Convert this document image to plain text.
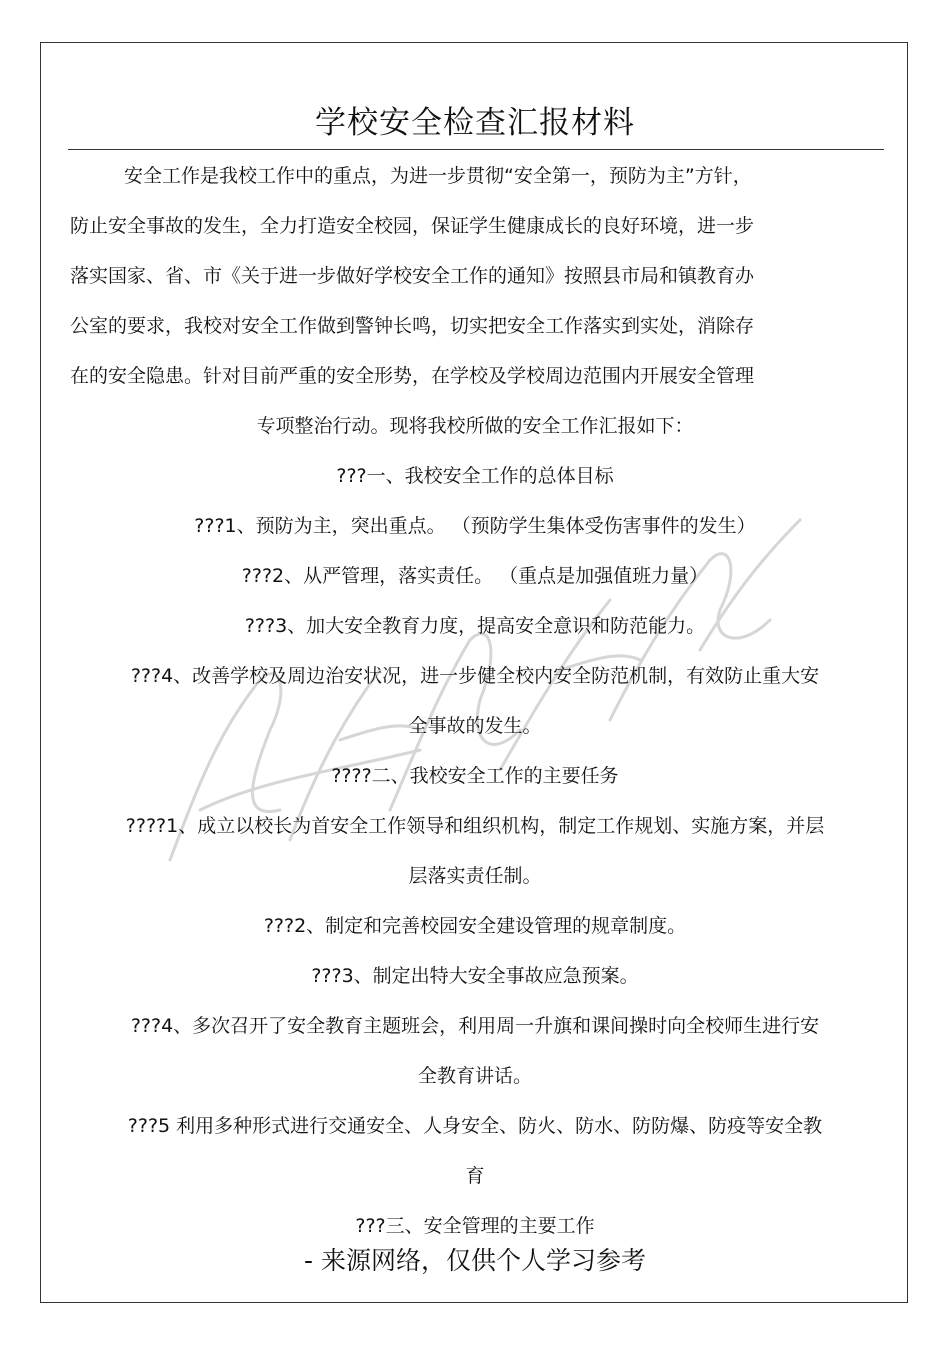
学校安全检查汇报材料
安全工作是我校工作中的重点，为进一步贯彻“安全第一，预防为主”方针，
防止安全事故的发生，全力打造安全校园，保证学生健康成长的良好环境，进一步
落实国家、省、市《关于进一步做好学校安全工作的通知》按照县市局和镇教育办
公室的要求，我校对安全工作做到警钟长鸣，切实把安全工作落实到实处，消除存
在的安全隐患。针对目前严重的安全形势，在学校及学校周边范围内开展安全管理
专项整治行动。现将我校所做的安全工作汇报如下：
???一、我校安全工作的总体目标
???1、预防为主，突出重点。 （预防学生集体受伤害事件的发生）
???2、从严管理，落实责任。 （重点是加强值班力量）
???3、加大安全教育力度，提高安全意识和防范能力。
???4、改善学校及周边治安状况，进一步健全校内安全防范机制，有效防止重大安
全事故的发生。
????二、我校安全工作的主要任务
????1、成立以校长为首安全工作领导和组织机构，制定工作规划、实施方案，并层
层落实责任制。
???2、制定和完善校园安全建设管理的规章制度。
???3、制定出特大安全事故应急预案。
???4、多次召开了安全教育主题班会，利用周一升旗和课间操时向全校师生进行安
全教育讲话。
???5 利用多种形式进行交通安全、人身安全、防火、防水、防防爆、防疫等安全教
育
???三、安全管理的主要工作
- 来源网络，仅供个人学习参考
